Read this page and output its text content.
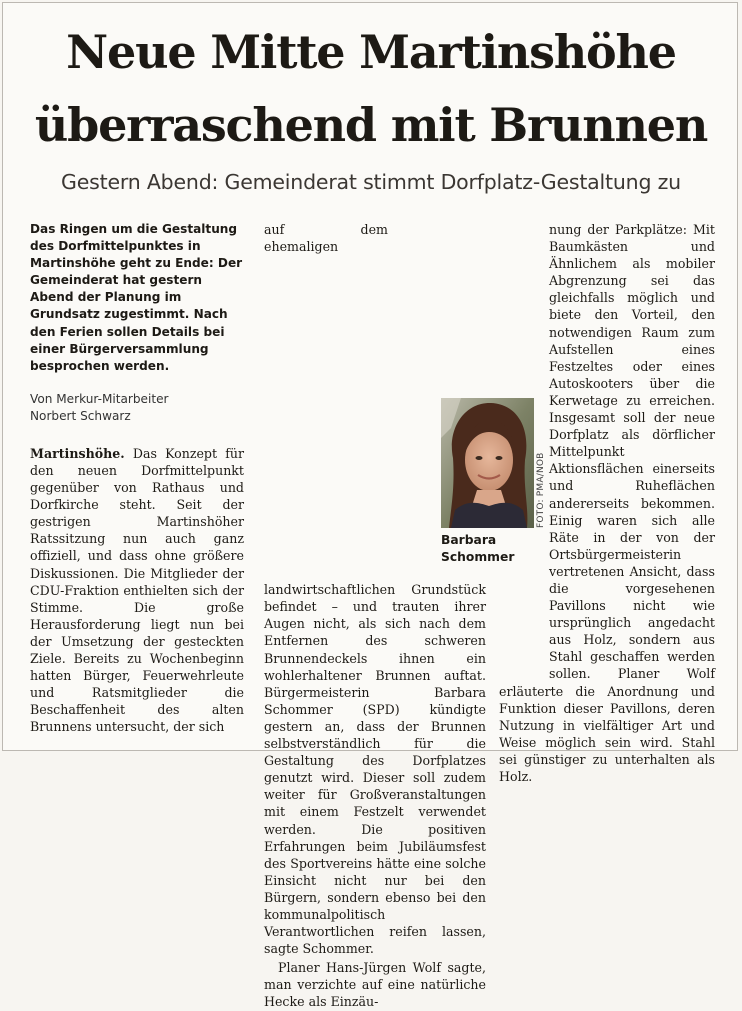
Neue Mitte Martinshöhe
überraschend mit Brunnen
Gestern Abend: Gemeinderat stimmt Dorfplatz-Gestaltung zu

Das Ringen um die Gestaltung des Dorfmittelpunktes in Martinshöhe geht zu Ende: Der Gemeinderat hat gestern Abend der Planung im Grundsatz zugestimmt. Nach den Ferien sollen Details bei einer Bürgerversammlung besprochen werden.

Von Merkur-Mitarbeiter
Norbert Schwarz

Martinshöhe. Das Konzept für den neuen Dorfmittelpunkt gegenüber von Rathaus und Dorfkirche steht. Seit der gestrigen Martinshöher Ratssitzung nun auch ganz offiziell, und dass ohne größere Diskussionen. Die Mitglieder der CDU-Fraktion enthielten sich der Stimme. Die große Herausforderung liegt nun bei der Umsetzung der gesteckten Ziele. Bereits zu Wochenbeginn hatten Bürger, Feuerwehrleute und Ratsmitglieder die Beschaffenheit des alten Brunnens untersucht, der sich

auf dem ehemaligen landwirtschaftlichen Grundstück befindet – und trauten ihrer Augen nicht, als sich nach dem Entfernen des schweren Brunnendeckels ihnen ein wohlerhaltener Brunnen auftat. Bürgermeisterin Barbara Schommer (SPD) kündigte gestern an, dass der Brunnen selbstverständlich für die Gestaltung des Dorfplatzes genutzt wird. Dieser soll zudem weiter für Großveranstaltungen mit einem Festzelt verwendet werden. Die positiven Erfahrungen beim Jubiläumsfest des Sportvereins hätte eine solche Einsicht nicht nur bei den Bürgern, sondern ebenso bei den kommunalpolitisch Verantwortlichen reifen lassen, sagte Schommer.

Planer Hans-Jürgen Wolf sagte, man verzichte auf eine natürliche Hecke als Einzäu-

nung der Parkplätze: Mit Baumkästen und Ähnlichem als mobiler Abgrenzung sei das gleichfalls möglich und biete den Vorteil, den notwendigen Raum zum Aufstellen eines Festzeltes oder eines Autoskooters über die Kerwetage zu erreichen. Insgesamt soll der neue Dorfplatz als dörflicher Mittelpunkt Aktionsflächen einerseits und Ruheflächen andererseits bekommen. Einig waren sich alle Räte in der von der Ortsbürgermeisterin vertretenen Ansicht, dass die vorgesehenen Pavillons nicht wie ursprünglich angedacht aus Holz, sondern aus Stahl geschaffen werden sollen. Planer Wolf erläuterte die Anordnung und Funktion dieser Pavillons, deren Nutzung in vielfältiger Art und Weise möglich sein wird. Stahl sei günstiger zu unterhalten als Holz.

FOTO: PMA/NOB
Barbara
Schommer
